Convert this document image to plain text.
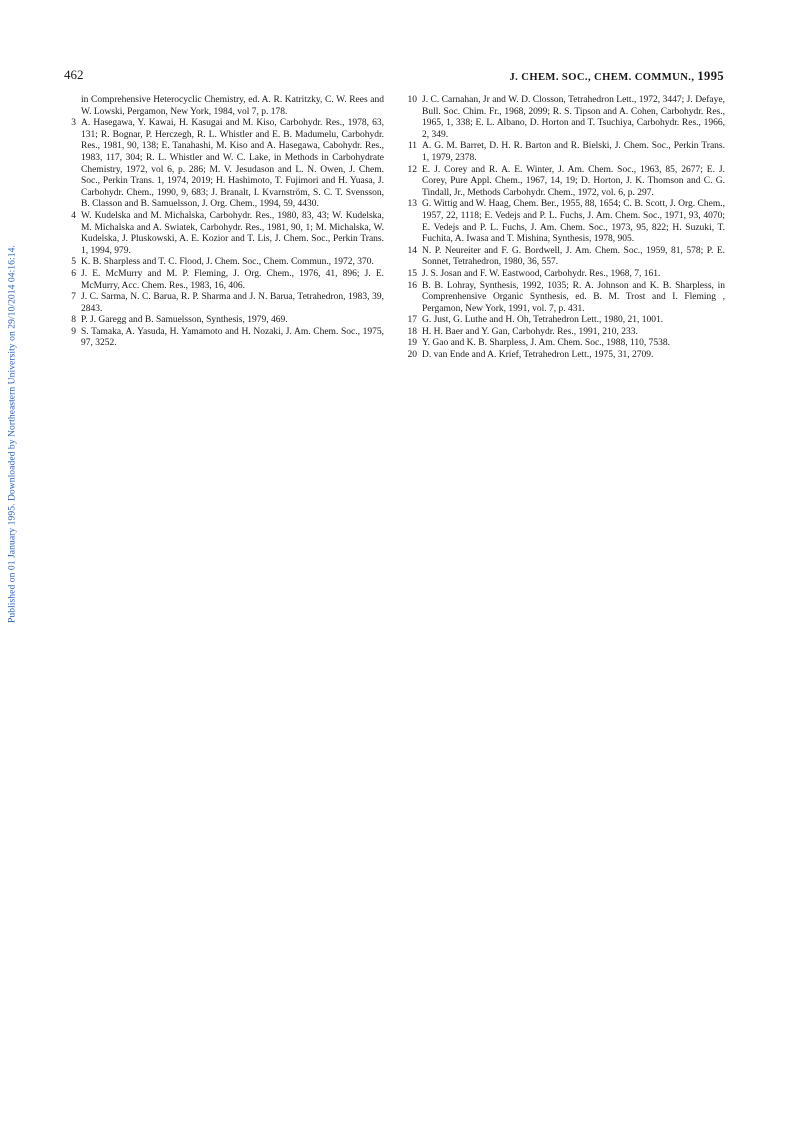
Published on 01 January 1995. Downloaded by Northeastern University on 29/10/2014 04:16:14.
462	J. CHEM. SOC., CHEM. COMMUN., 1995
in Comprehensive Heterocyclic Chemistry, ed. A. R. Katritzky, C. W. Rees and W. Lowski, Pergamon, New York, 1984, vol 7, p. 178.
3 A. Hasegawa, Y. Kawai, H. Kasugai and M. Kiso, Carbohydr. Res., 1978, 63, 131; R. Bognar, P. Herczegh, R. L. Whistler and E. B. Madumelu, Carbohydr. Res., 1981, 90, 138; E. Tanahashi, M. Kiso and A. Hasegawa, Cabohydr. Res., 1983, 117, 304; R. L. Whistler and W. C. Lake, in Methods in Carbohydrate Chemistry, 1972, vol 6, p. 286; M. V. Jesudason and L. N. Owen, J. Chem. Soc., Perkin Trans. 1, 1974, 2019; H. Hashimoto, T. Fujimori and H. Yuasa, J. Carbohydr. Chem., 1990, 9, 683; J. Branalt, I. Kvarnström, S. C. T. Svensson, B. Classon and B. Samuelsson, J. Org. Chem., 1994, 59, 4430.
4 W. Kudelska and M. Michalska, Carbohydr. Res., 1980, 83, 43; W. Kudelska, M. Michalska and A. Swiatek, Carbohydr. Res., 1981, 90, 1; M. Michalska, W. Kudelska, J. Pluskowski, A. E. Kozior and T. Lis, J. Chem. Soc., Perkin Trans. 1, 1994, 979.
5 K. B. Sharpless and T. C. Flood, J. Chem. Soc., Chem. Commun., 1972, 370.
6 J. E. McMurry and M. P. Fleming, J. Org. Chem., 1976, 41, 896; J. E. McMurry, Acc. Chem. Res., 1983, 16, 406.
7 J. C. Sarma, N. C. Barua, R. P. Sharma and J. N. Barua, Tetrahedron, 1983, 39, 2843.
8 P. J. Garegg and B. Samuelsson, Synthesis, 1979, 469.
9 S. Tamaka, A. Yasuda, H. Yamamoto and H. Nozaki, J. Am. Chem. Soc., 1975, 97, 3252.
10 J. C. Carnahan, Jr and W. D. Closson, Tetrahedron Lett., 1972, 3447; J. Defaye, Bull. Soc. Chim. Fr., 1968, 2099; R. S. Tipson and A. Cohen, Carbohydr. Res., 1965, 1, 338; E. L. Albano, D. Horton and T. Tsuchiya, Carbohydr. Res., 1966, 2, 349.
11 A. G. M. Barret, D. H. R. Barton and R. Bielski, J. Chem. Soc., Perkin Trans. 1, 1979, 2378.
12 E. J. Corey and R. A. E. Winter, J. Am. Chem. Soc., 1963, 85, 2677; E. J. Corey, Pure Appl. Chem., 1967, 14, 19; D. Horton, J. K. Thomson and C. G. Tindall, Jr., Methods Carbohydr. Chem., 1972, vol. 6, p. 297.
13 G. Wittig and W. Haag, Chem. Ber., 1955, 88, 1654; C. B. Scott, J. Org. Chem., 1957, 22, 1118; E. Vedejs and P. L. Fuchs, J. Am. Chem. Soc., 1971, 93, 4070; E. Vedejs and P. L. Fuchs, J. Am. Chem. Soc., 1973, 95, 822; H. Suzuki, T. Fuchita, A. Iwasa and T. Mishina, Synthesis, 1978, 905.
14 N. P. Neureiter and F. G. Bordwell, J. Am. Chem. Soc., 1959, 81, 578; P. E. Sonnet, Tetrahedron, 1980, 36, 557.
15 J. S. Josan and F. W. Eastwood, Carbohydr. Res., 1968, 7, 161.
16 B. B. Lohray, Synthesis, 1992, 1035; R. A. Johnson and K. B. Sharpless, in Comprenhensive Organic Synthesis, ed. B. M. Trost and I. Fleming , Pergamon, New York, 1991, vol. 7, p. 431.
17 G. Just, G. Luthe and H. Oh, Tetrahedron Lett., 1980, 21, 1001.
18 H. H. Baer and Y. Gan, Carbohydr. Res., 1991, 210, 233.
19 Y. Gao and K. B. Sharpless, J. Am. Chem. Soc., 1988, 110, 7538.
20 D. van Ende and A. Krief, Tetrahedron Lett., 1975, 31, 2709.
